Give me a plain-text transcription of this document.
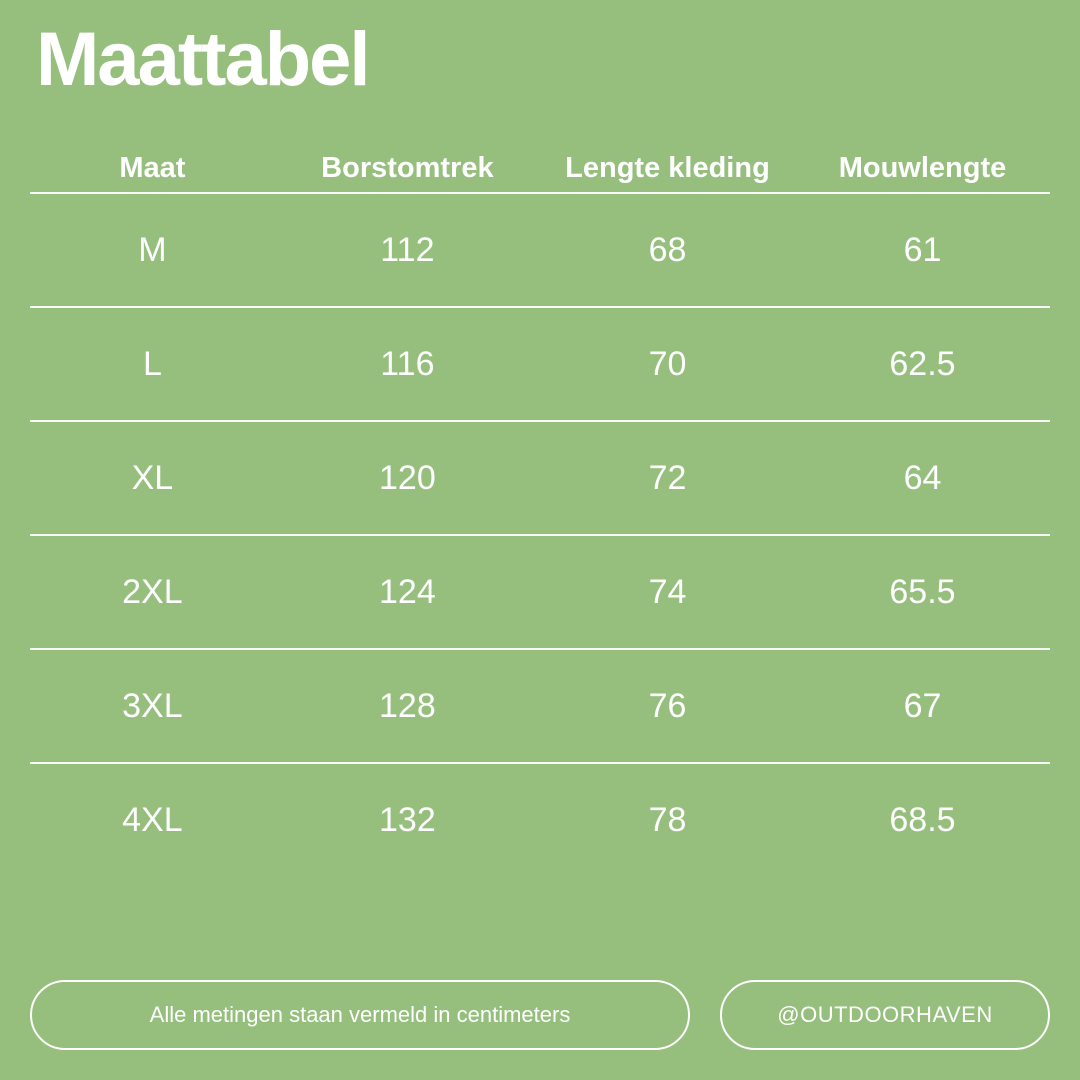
Maattabel
Maat	Borstomtrek	Lengte kleding	Mouwlengte
M	112	68	61
L	116	70	62.5
XL	120	72	64
2XL	124	74	65.5
3XL	128	76	67
4XL	132	78	68.5
Alle metingen staan vermeld in centimeters	@OUTDOORHAVEN
